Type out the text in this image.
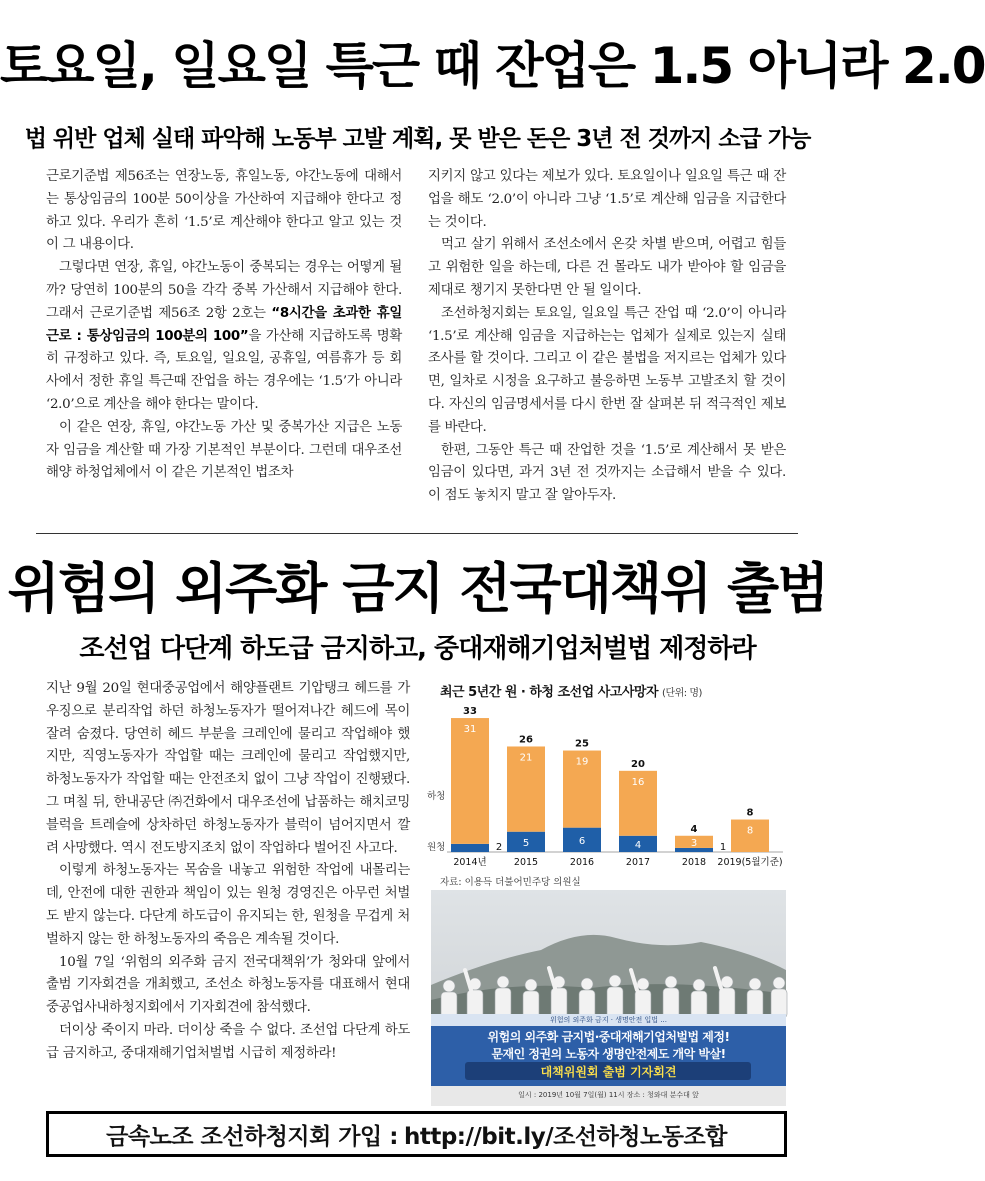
토요일, 일요일 특근 때 잔업은 1.5 아니라 2.0
법 위반 업체 실태 파악해 노동부 고발 계획, 못 받은 돈은 3년 전 것까지 소급 가능

근로기준법 제56조는 연장노동, 휴일노동, 야간노동에 대해서는 통상임금의 100분 50이상을 가산하여 지급해야 한다고 정하고 있다. 우리가 흔히 ‘1.5’로 계산해야 한다고 알고 있는 것이 그 내용이다.

그렇다면 연장, 휴일, 야간노동이 중복되는 경우는 어떻게 될까? 당연히 100분의 50을 각각 중복 가산해서 지급해야 한다. 그래서 근로기준법 제56조 2항 2호는 “8시간을 초과한 휴일근로 : 통상임금의 100분의 100”을 가산해 지급하도록 명확히 규정하고 있다. 즉, 토요일, 일요일, 공휴일, 여름휴가 등 회사에서 정한 휴일 특근때 잔업을 하는 경우에는 ‘1.5’가 아니라 ‘2.0’으로 계산을 해야 한다는 말이다.

이 같은 연장, 휴일, 야간노동 가산 및 중복가산 지급은 노동자 임금을 계산할 때 가장 기본적인 부분이다. 그런데 대우조선해양 하청업체에서 이 같은 기본적인 법조차

지키지 않고 있다는 제보가 있다. 토요일이나 일요일 특근 때 잔업을 해도 ‘2.0’이 아니라 그냥 ‘1.5’로 계산해 임금을 지급한다는 것이다.

먹고 살기 위해서 조선소에서 온갖 차별 받으며, 어렵고 힘들고 위험한 일을 하는데, 다른 건 몰라도 내가 받아야 할 임금을 제대로 챙기지 못한다면 안 될 일이다.

조선하청지회는 토요일, 일요일 특근 잔업 때 ‘2.0’이 아니라 ‘1.5’로 계산해 임금을 지급하는는 업체가 실제로 있는지 실태조사를 할 것이다. 그리고 이 같은 불법을 저지르는 업체가 있다면, 일차로 시정을 요구하고 불응하면 노동부 고발조치 할 것이다. 자신의 임금명세서를 다시 한번 잘 살펴본 뒤 적극적인 제보를 바란다.

한편, 그동안 특근 때 잔업한 것을 ‘1.5’로 계산해서 못 받은 임금이 있다면, 과거 3년 전 것까지는 소급해서 받을 수 있다. 이 점도 놓치지 말고 잘 알아두자.

위험의 외주화 금지 전국대책위 출범
조선업 다단계 하도급 금지하고, 중대재해기업처벌법 제정하라

지난 9월 20일 현대중공업에서 해양플랜트 기압탱크 헤드를 가우징으로 분리작업 하던 하청노동자가 떨어져나간 헤드에 목이 잘려 숨졌다. 당연히 헤드 부분을 크레인에 물리고 작업해야 했지만, 직영노동자가 작업할 때는 크레인에 물리고 작업했지만, 하청노동자가 작업할 때는 안전조치 없이 그냥 작업이 진행됐다. 그 며칠 뒤, 한내공단 ㈜건화에서 대우조선에 납품하는 해치코밍블럭을 트레슬에 상차하던 하청노동자가 블럭이 넘어지면서 깔려 사망했다. 역시 전도방지조치 없이 작업하다 벌어진 사고다.

이렇게 하청노동자는 목숨을 내놓고 위험한 작업에 내몰리는데, 안전에 대한 권한과 책임이 있는 원청 경영진은 아무런 처벌도 받지 않는다. 다단계 하도급이 유지되는 한, 원청을 무겁게 처벌하지 않는 한 하청노동자의 죽음은 계속될 것이다.

10월 7일 ‘위험의 외주화 금지 전국대책위’가 청와대 앞에서 출범 기자회견을 개최했고, 조선소 하청노동자를 대표해서 현대중공업사내하청지회에서 기자회견에 참석했다.

더이상 죽이지 마라. 더이상 죽을 수 없다. 조선업 다단계 하도급 금지하고, 중대재해기업처벌법 시급히 제정하라!

최근 5년간 원 · 하청 조선업 사고사망자 (단위: 명)
31
2
33
2014년
21
5
26
2015
19
6
25
2016
16
4
20
2017
3 1
4
2018
8
8
2019(5월기준)
하청
원청
자료: 이용득 더불어민주당 의원실
위험의 외주화 금지 · 생명안전 입법 ...
위험의 외주화 금지법·중대재해기업처벌법 제정!
문재인 정권의 노동자 생명안전제도 개악 박살!
대책위원회 출범 기자회견
일시 : 2019년 10월 7일(월) 11시 장소 : 청와대 분수대 앞
금속노조 조선하청지회 가입 : http://bit.ly/조선하청노동조합
